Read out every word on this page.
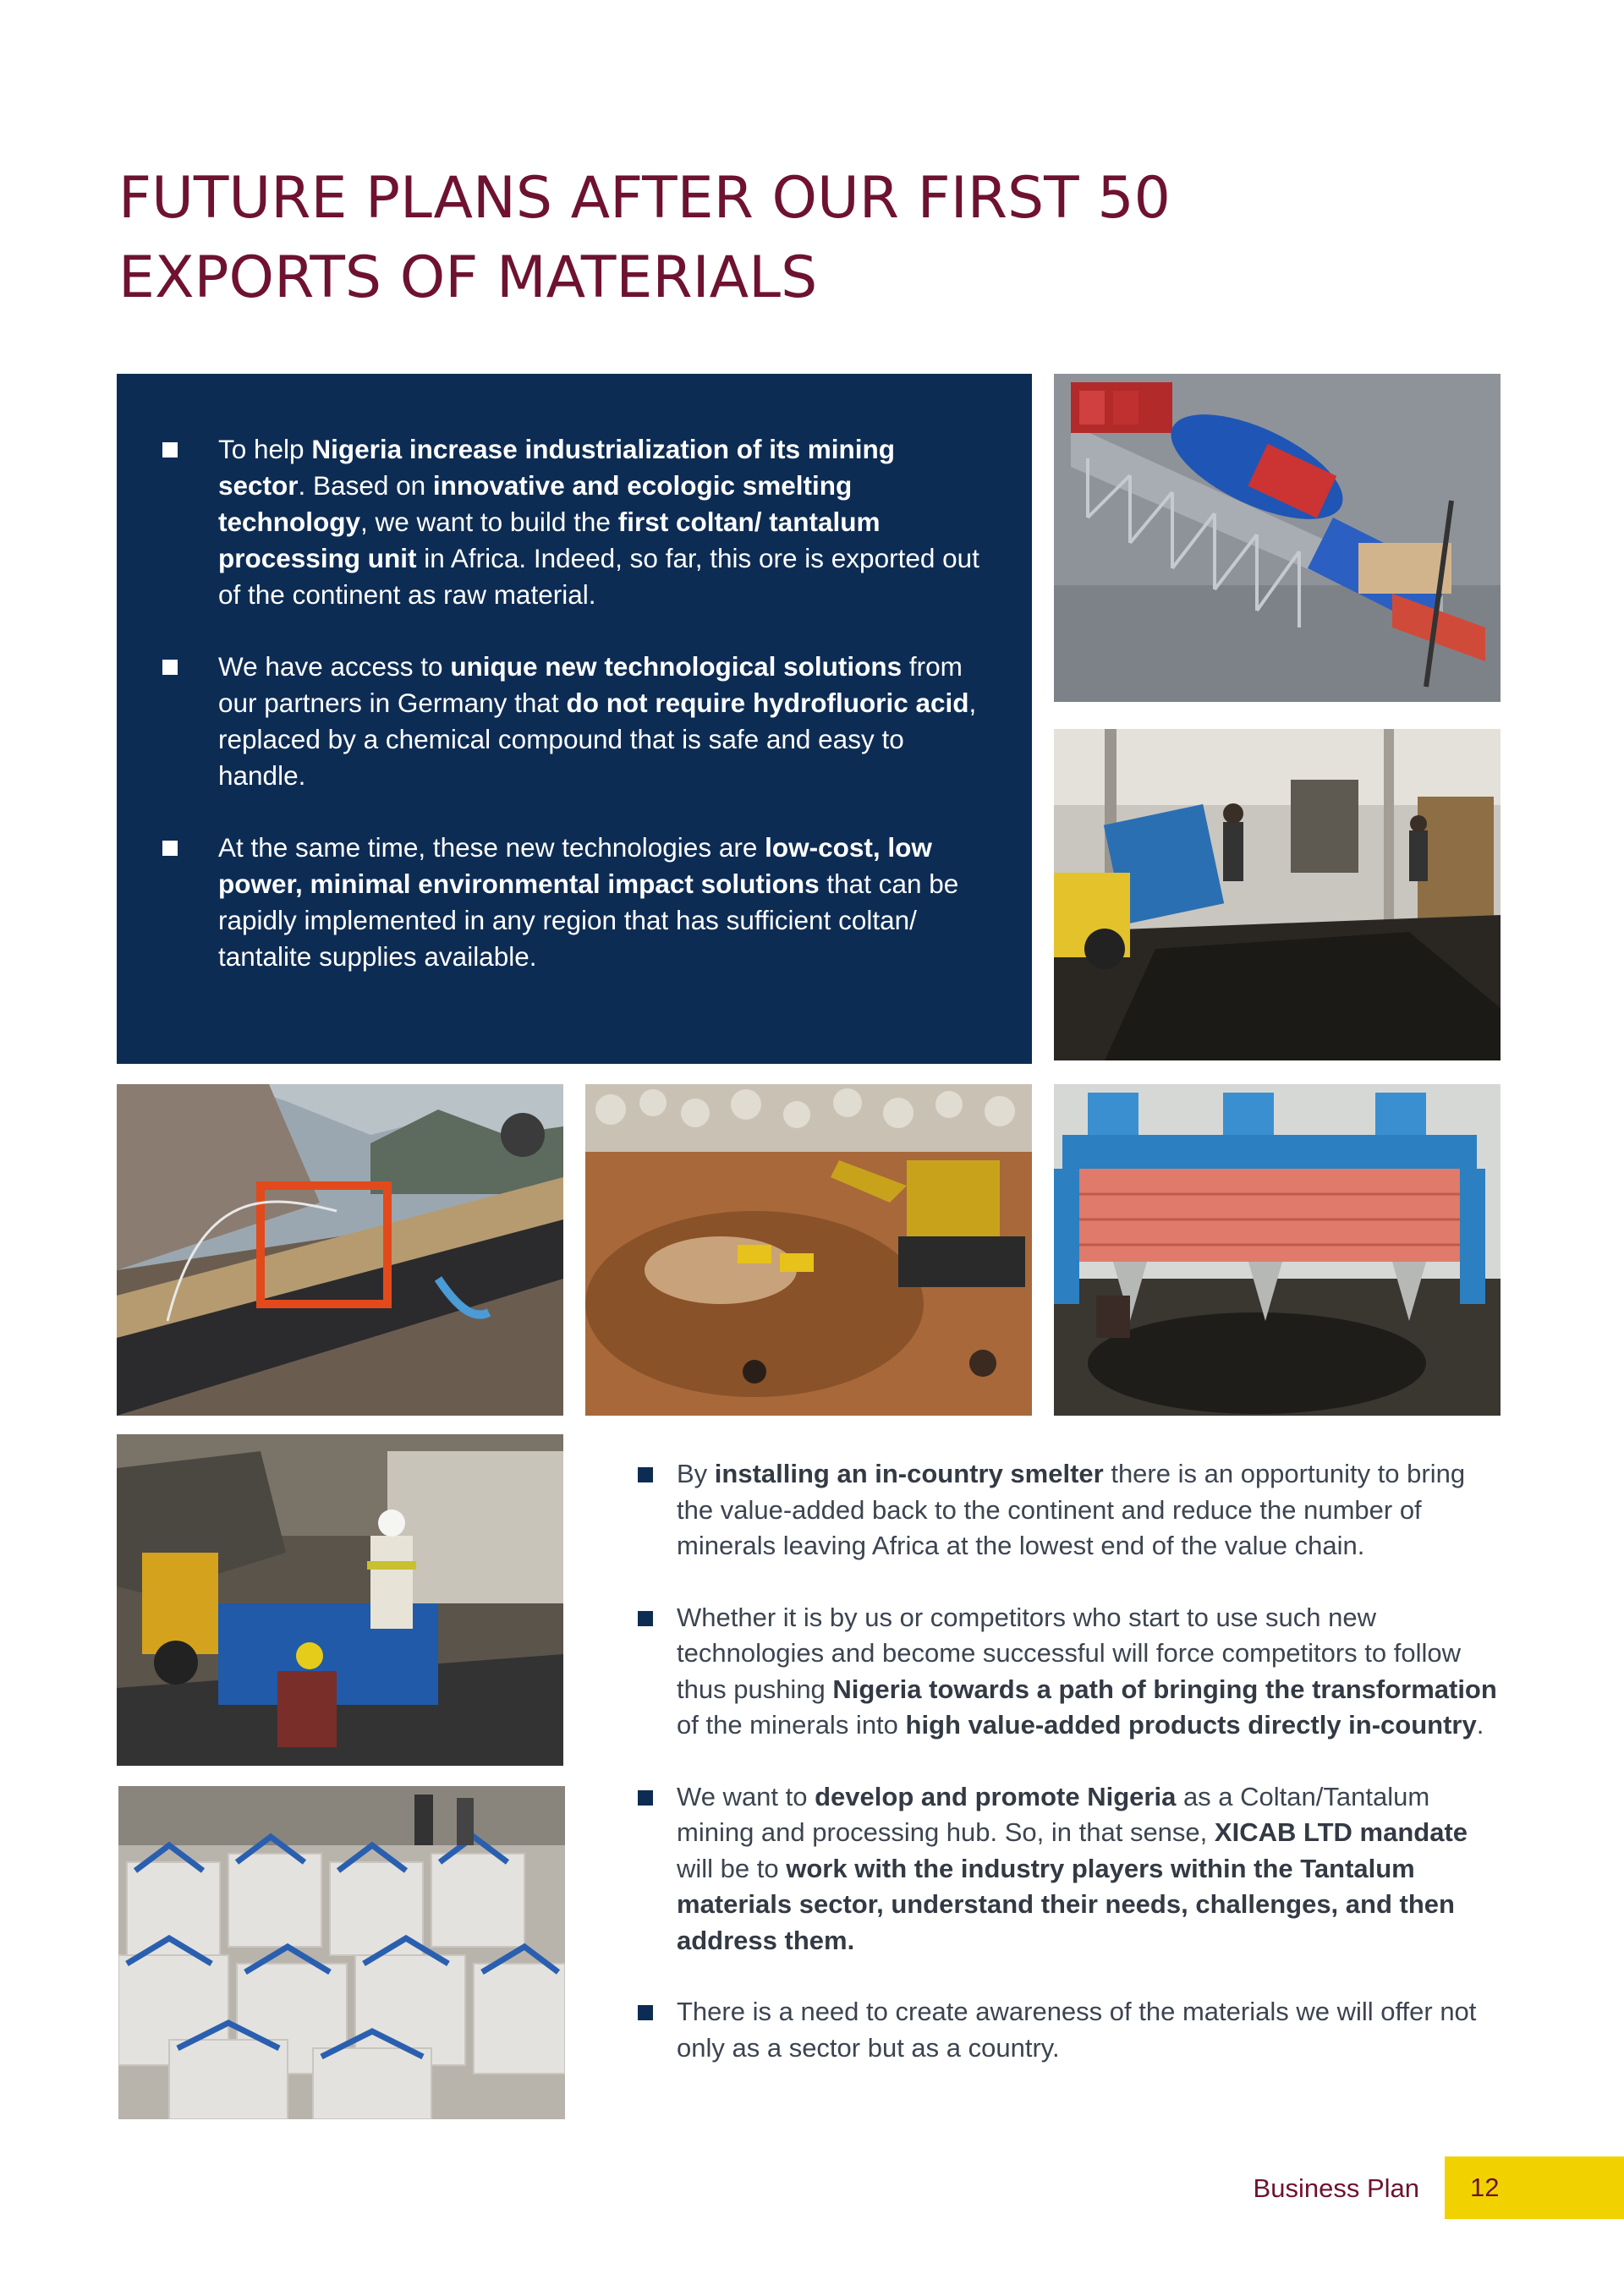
FUTURE PLANS AFTER OUR FIRST 50
EXPORTS OF MATERIALS
To help Nigeria increase industrialization of its mining sector. Based on innovative and ecologic smelting technology, we want to build the first coltan/ tantalum processing unit in Africa. Indeed, so far, this ore is exported out of the continent as raw material.
We have access to unique new technological solutions from our partners in Germany that do not require hydrofluoric acid, replaced by a chemical compound that is safe and easy to handle.
At the same time, these new technologies are low-cost, low power, minimal environmental impact solutions that can be rapidly implemented in any region that has sufficient coltan/ tantalite supplies available.
By installing an in-country smelter there is an opportunity to bring the value-added back to the continent and reduce the number of minerals leaving Africa at the lowest end of the value chain.
Whether it is by us or competitors who start to use such new technologies and become successful will force competitors to follow thus pushing Nigeria towards a path of bringing the transformation of the minerals into high value-added products directly in-country.
We want to develop and promote Nigeria as a Coltan/Tantalum mining and processing hub. So, in that sense, XICAB LTD mandate will be to work with the industry players within the Tantalum materials sector, understand their needs, challenges, and then address them.
There is a need to create awareness of the materials we will offer not only as a sector but as a country.
Business Plan 12
